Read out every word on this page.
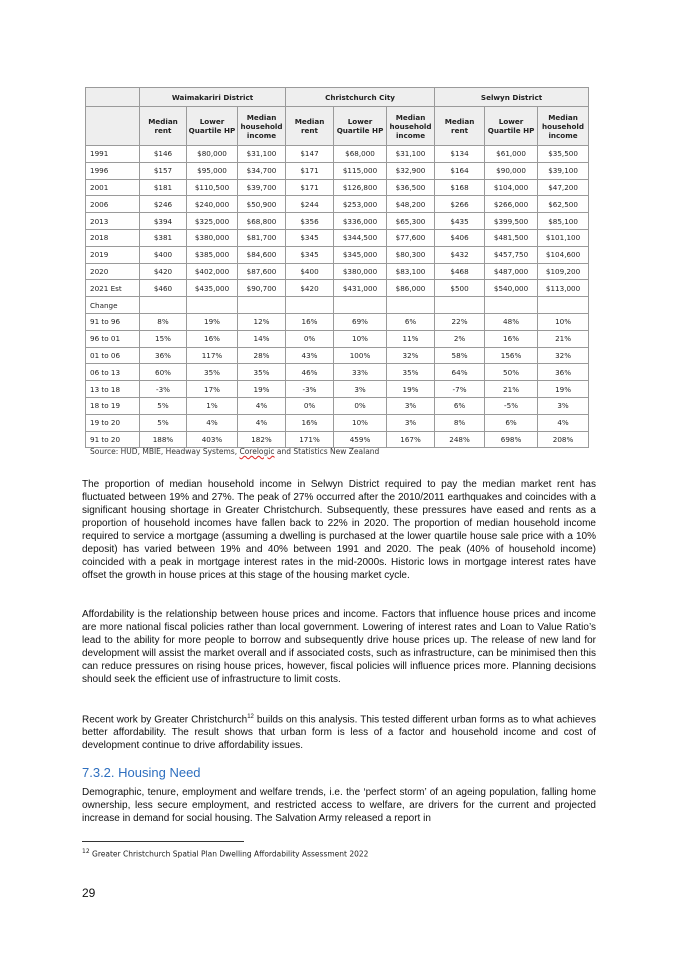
	Waimakariri District			Christchurch City			Selwyn District		
	Median rent	Lower Quartile HP	Median household income	Median rent	Lower Quartile HP	Median household income	Median rent	Lower Quartile HP	Median household income
1991	$146	$80,000	$31,100	$147	$68,000	$31,100	$134	$61,000	$35,500
1996	$157	$95,000	$34,700	$171	$115,000	$32,900	$164	$90,000	$39,100
2001	$181	$110,500	$39,700	$171	$126,800	$36,500	$168	$104,000	$47,200
2006	$246	$240,000	$50,900	$244	$253,000	$48,200	$266	$266,000	$62,500
2013	$394	$325,000	$68,800	$356	$336,000	$65,300	$435	$399,500	$85,100
2018	$381	$380,000	$81,700	$345	$344,500	$77,600	$406	$481,500	$101,100
2019	$400	$385,000	$84,600	$345	$345,000	$80,300	$432	$457,750	$104,600
2020	$420	$402,000	$87,600	$400	$380,000	$83,100	$468	$487,000	$109,200
2021 Est	$460	$435,000	$90,700	$420	$431,000	$86,000	$500	$540,000	$113,000
Change									
91 to 96	8%	19%	12%	16%	69%	6%	22%	48%	10%
96 to 01	15%	16%	14%	0%	10%	11%	2%	16%	21%
01 to 06	36%	117%	28%	43%	100%	32%	58%	156%	32%
06 to 13	60%	35%	35%	46%	33%	35%	64%	50%	36%
13 to 18	-3%	17%	19%	-3%	3%	19%	-7%	21%	19%
18 to 19	5%	1%	4%	0%	0%	3%	6%	-5%	3%
19 to 20	5%	4%	4%	16%	10%	3%	8%	6%	4%
91 to 20	188%	403%	182%	171%	459%	167%	248%	698%	208%
Source: HUD, MBIE, Headway Systems, Corelogic and Statistics New Zealand

The proportion of median household income in Selwyn District required to pay the median market rent has fluctuated between 19% and 27%. The peak of 27% occurred after the 2010/2011 earthquakes and coincides with a significant housing shortage in Greater Christchurch. Subsequently, these pressures have eased and rents as a proportion of household incomes have fallen back to 22% in 2020. The proportion of median household income required to service a mortgage (assuming a dwelling is purchased at the lower quartile house sale price with a 10% deposit) has varied between 19% and 40% between 1991 and 2020. The peak (40% of household income) coincided with a peak in mortgage interest rates in the mid-2000s. Historic lows in mortgage interest rates have offset the growth in house prices at this stage of the housing market cycle.

Affordability is the relationship between house prices and income. Factors that influence house prices and income are more national fiscal policies rather than local government. Lowering of interest rates and Loan to Value Ratio’s lead to the ability for more people to borrow and subsequently drive house prices up. The release of new land for development will assist the market overall and if associated costs, such as infrastructure, can be minimised then this can reduce pressures on rising house prices, however, fiscal policies will influence prices more. Planning decisions should seek the efficient use of infrastructure to limit costs.

Recent work by Greater Christchurch$^{12}$ builds on this analysis. This tested different urban forms as to what achieves better affordability. The result shows that urban form is less of a factor and household income and cost of development continue to drive affordability issues.

7.3.2. Housing Need

Demographic, tenure, employment and welfare trends, i.e. the ‘perfect storm’ of an ageing population, falling home ownership, less secure employment, and restricted access to welfare, are drivers for the current and projected increase in demand for social housing. The Salvation Army released a report in

$^{12}$ Greater Christchurch Spatial Plan Dwelling Affordability Assessment 2022
29
